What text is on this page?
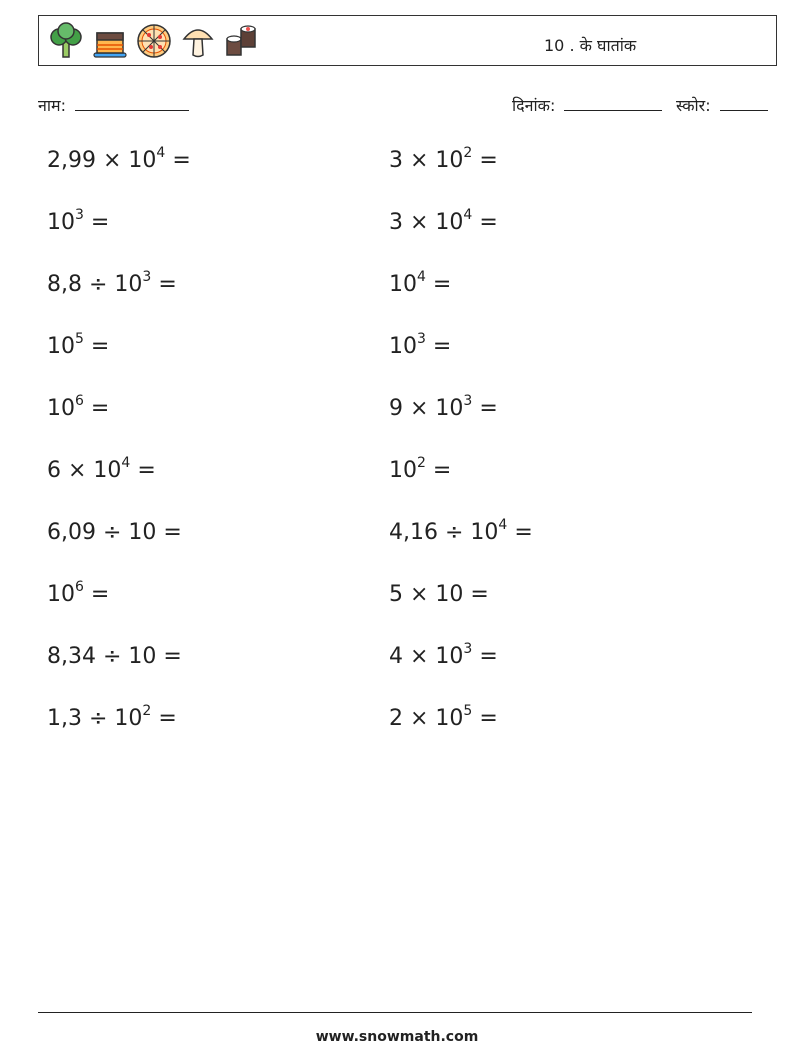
10 . के घातांक
नाम:	दिनांक:	स्कोर:
$2,99 \times 10^4$ =	$3 \times 10^2$ =
$10^3$ =	$3 \times 10^4$ =
$8,8 \div 10^3$ =	$10^4$ =
$10^5$ =	$10^3$ =
$10^6$ =	$9 \times 10^3$ =
$6 \times 10^4$ =	$10^2$ =
6,09 ÷ 10 =	$4,16 \div 10^4$ =
$10^6$ =	5 × 10 =
8,34 ÷ 10 =	$4 \times 10^3$ =
$1,3 \div 10^2$ =	$2 \times 10^5$ =
www.snowmath.com
